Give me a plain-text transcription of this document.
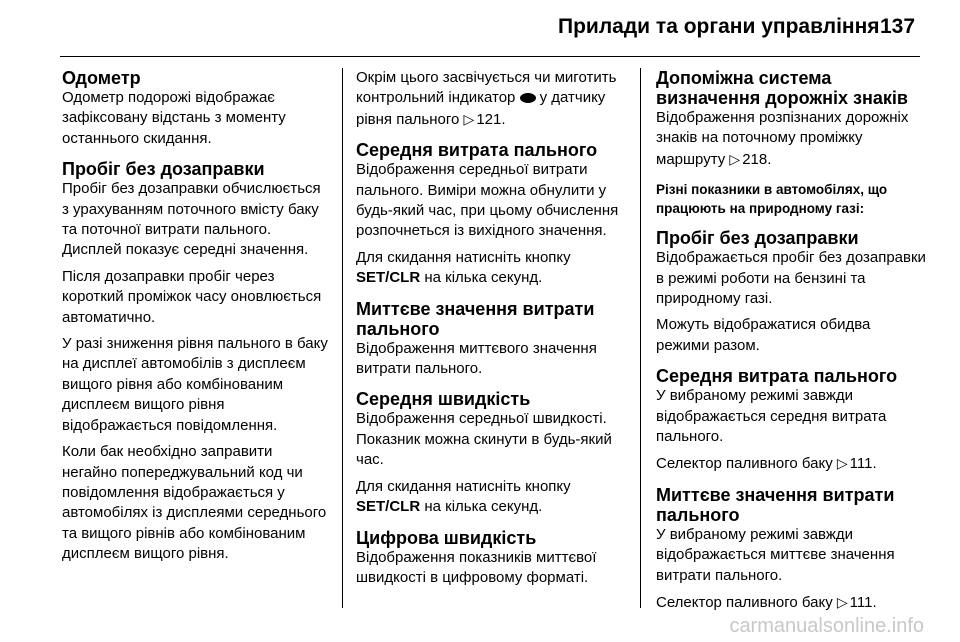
Прилади та органи управління 137
Одометр

Одометр подорожі відображає зафіксовану відстань з моменту останнього скидання.

Пробіг без дозаправки

Пробіг без дозаправки обчислюється з урахуванням поточного вмісту баку та поточної витрати пального. Дисплей показує середні значення.

Після дозаправки пробіг через короткий проміжок часу оновлюється автоматично.

У разі зниження рівня пального в баку на дисплеї автомобілів з дисплеєм вищого рівня або комбінованим дисплеєм вищого рівня відображається повідомлення.

Коли бак необхідно заправити негайно попереджувальний код чи повідомлення відображається у автомобілях із дисплеями середнього та вищого рівнів або комбінованим дисплеєм вищого рівня.

Окрім цього засвічується чи миготить контрольний індикатор у датчику рівня пального ▷ 121.

Середня витрата пального

Відображення середньої витрати пального. Виміри можна обнулити у будь-який час, при цьому обчислення розпочнеться із вихідного значення.

Для скидання натисніть кнопку SET/CLR на кілька секунд.

Миттєве значення витрати пального

Відображення миттєвого значення витрати пального.

Середня швидкість

Відображення середньої швидкості. Показник можна скинути в будь-який час.

Для скидання натисніть кнопку SET/CLR на кілька секунд.

Цифрова швидкість

Відображення показників миттєвої швидкості в цифровому форматі.

Допоміжна система визначення дорожніх знаків

Відображення розпізнаних дорожніх знаків на поточному проміжку маршруту ▷ 218.

Різні показники в автомобілях, що працюють на природному газі:
Пробіг без дозаправки

Відображається пробіг без дозаправки в режимі роботи на бензині та природному газі.

Можуть відображатися обидва режими разом.

Середня витрата пального

У вибраному режимі завжди відображається середня витрата пального.

Селектор паливного баку ▷ 111.

Миттєве значення витрати пального

У вибраному режимі завжди відображається миттєве значення витрати пального.

Селектор паливного баку ▷ 111.

carmanualsonline.info
